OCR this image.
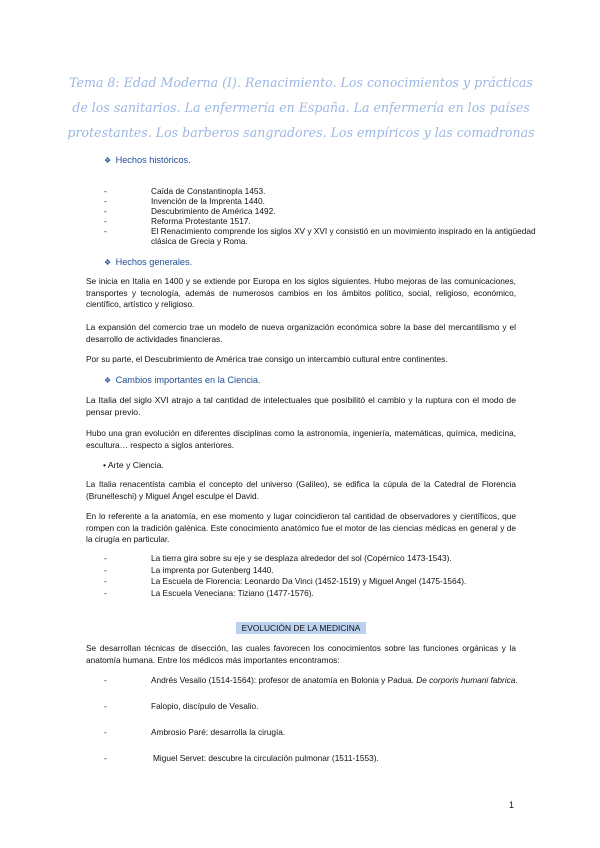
Tema 8: Edad Moderna (I). Renacimiento. Los conocimientos y prácticas de los sanitarios. La enfermería en España. La enfermería en los países protestantes. Los barberos sangradores. Los empíricos y las comadronas
❖ Hechos históricos.
-	Caída de Constantinopla 1453.
-	Invención de la Imprenta 1440.
-	Descubrimiento de América 1492.
-	Reforma Protestante 1517.
-	El Renacimiento comprende los siglos XV y XVI y consistió en un movimiento inspirado en la antigüedad clásica de Grecia y Roma.
❖ Hechos generales.
Se inicia en Italia en 1400 y se extiende por Europa en los siglos siguientes. Hubo mejoras de las comunicaciones, transportes y tecnología, además de numerosos cambios en los ámbitos político, social, religioso, económico, científico, artístico y religioso.
La expansión del comercio trae un modelo de nueva organización económica sobre la base del mercantilismo y el desarrollo de actividades financieras.
Por su parte, el Descubrimiento de América trae consigo un intercambio cultural entre continentes.
❖ Cambios importantes en la Ciencia.
La Italia del siglo XVI atrajo a tal cantidad de intelectuales que posibilitó el cambio y la ruptura con el modo de pensar previo.
Hubo una gran evolución en diferentes disciplinas como la astronomía, ingeniería, matemáticas, química, medicina, escultura… respecto a siglos anteriores.
• Arte y Ciencia.
La Italia renacentista cambia el concepto del universo (Galileo), se edifica la cúpula de la Catedral de Florencia (Brunelleschi) y Miguel Ángel esculpe el David.
En lo referente a la anatomía, en ese momento y lugar coincidieron tal cantidad de observadores y científicos, que rompen con la tradición galénica. Este conocimiento anatómico fue el motor de las ciencias médicas en general y de la cirugía en particular.
-	La tierra gira sobre su eje y se desplaza alrededor del sol (Copérnico 1473-1543).
-	La imprenta por Gutenberg 1440.
-	La Escuela de Florencia: Leonardo Da Vinci (1452-1519) y Miguel Angel (1475-1564).
-	La Escuela Veneciana: Tiziano (1477-1576).
EVOLUCIÓN DE LA MEDICINA
Se desarrollan técnicas de disección, las cuales favorecen los conocimientos sobre las funciones orgánicas y la anatomía humana. Entre los médicos más importantes encontramos:
-	Andrés Vesalio (1514-1564): profesor de anatomía en Bolonia y Padua. De corporis humani fabrica.
-	Falopio, discípulo de Vesalio.
-	Ambrosio Paré: desarrolla la cirugía.
-	Miguel Servet: descubre la circulación pulmonar (1511-1553).
1
